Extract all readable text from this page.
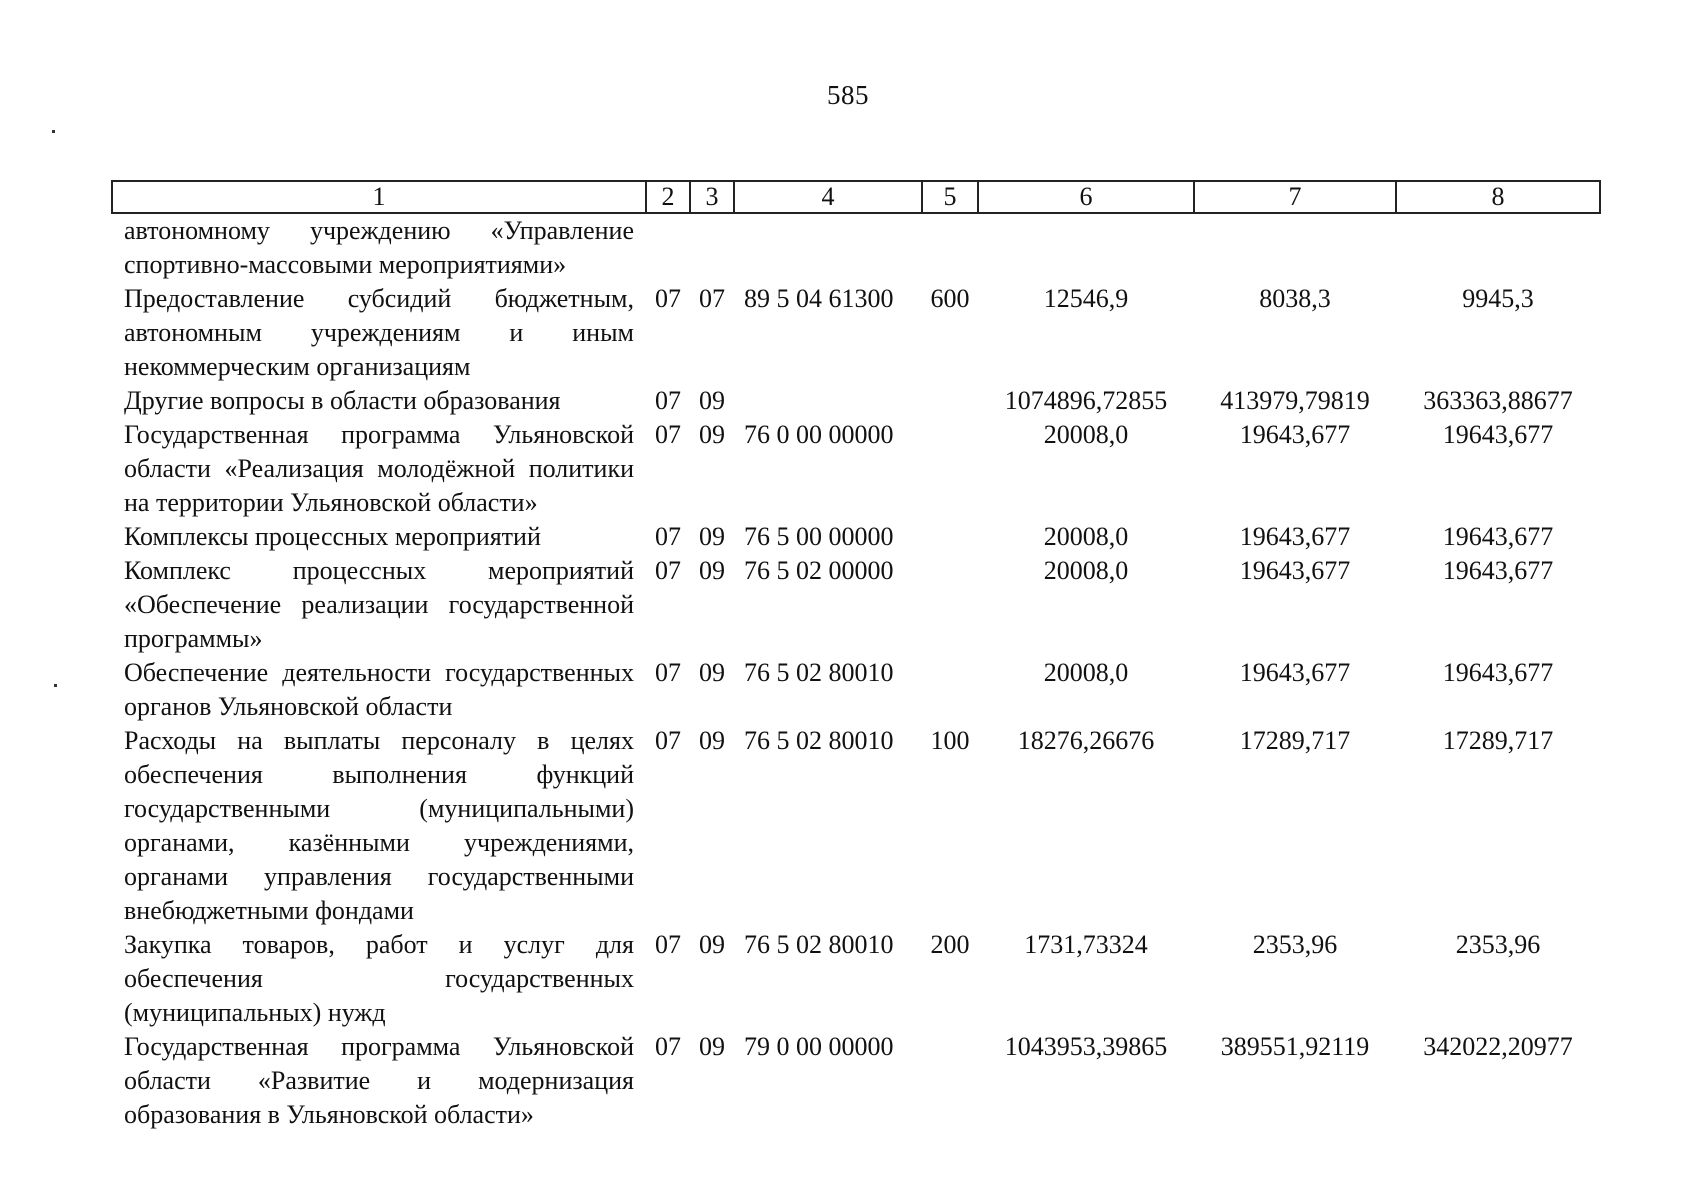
585
1	2	3	4	5	6	7	8
автономному учреждению «Управление спортивно-массовыми мероприятиями»							
Предоставление субсидий бюджетным, автономным учреждениям и иным некоммерческим организациям	07	07	89 5 04 61300	600	12546,9	8038,3	9945,3
Другие вопросы в области образования	07	09			1074896,72855	413979,79819	363363,88677
Государственная программа Ульяновской области «Реализация молодёжной политики на территории Ульяновской области»	07	09	76 0 00 00000		20008,0	19643,677	19643,677
Комплексы процессных мероприятий	07	09	76 5 00 00000		20008,0	19643,677	19643,677
Комплекс процессных мероприятий «Обеспечение реализации государственной программы»	07	09	76 5 02 00000		20008,0	19643,677	19643,677
Обеспечение деятельности государственных органов Ульяновской области	07	09	76 5 02 80010		20008,0	19643,677	19643,677
Расходы на выплаты персоналу в целях обеспечения выполнения функций государственными (муниципальными) органами, казёнными учреждениями, органами управления государственными внебюджетными фондами	07	09	76 5 02 80010	100	18276,26676	17289,717	17289,717
Закупка товаров, работ и услуг для обеспечения государственных (муниципальных) нужд	07	09	76 5 02 80010	200	1731,73324	2353,96	2353,96
Государственная программа Ульяновской области «Развитие и модернизация образования в Ульяновской области»	07	09	79 0 00 00000		1043953,39865	389551,92119	342022,20977
